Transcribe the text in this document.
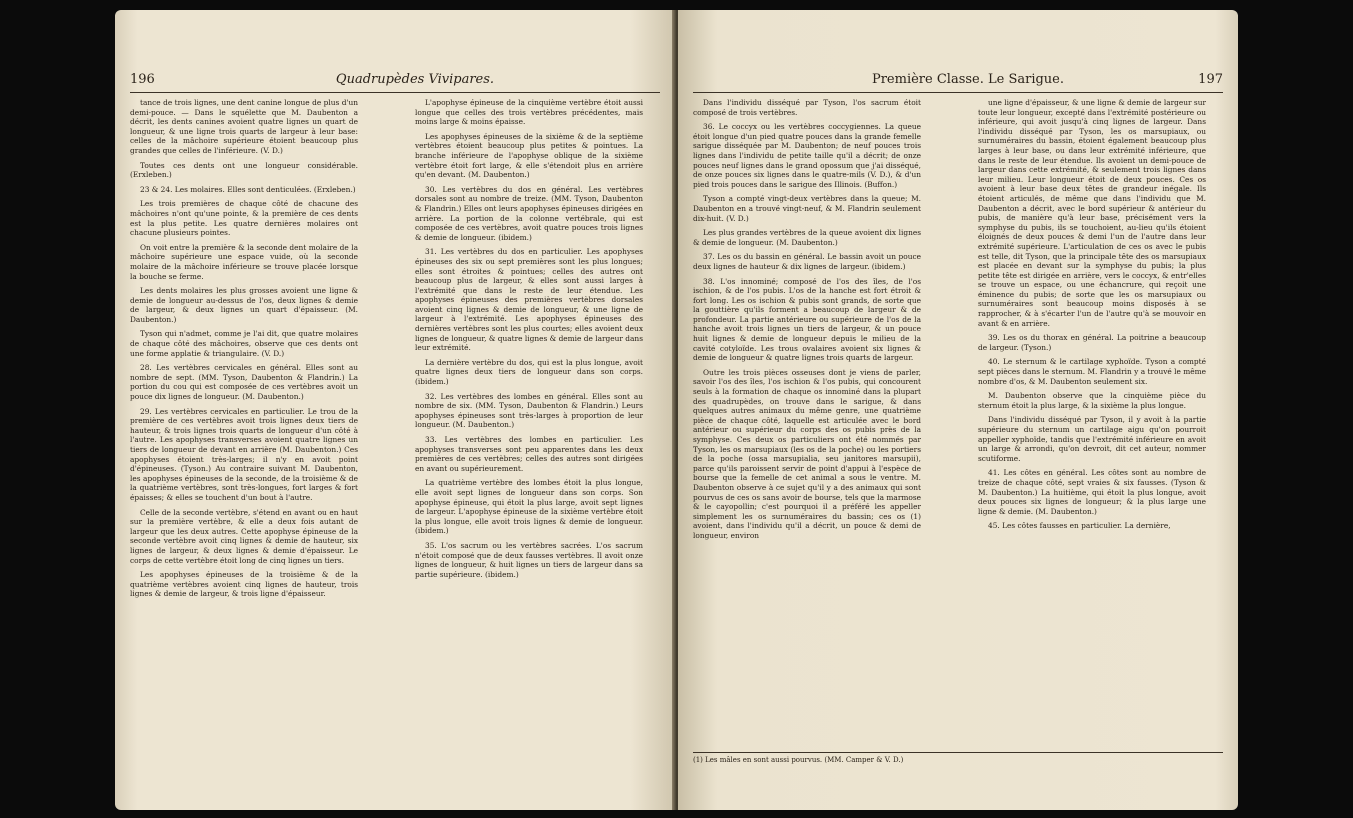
196	Quadrupèdes Vivipares.

tance de trois lignes, une dent canine longue de plus d'un demi-pouce. — Dans le squélette que M. Daubenton a décrit, les dents canines avoient quatre lignes un quart de longueur, & une ligne trois quarts de largeur à leur base: celles de la mâchoire supérieure étoient beaucoup plus grandes que celles de l'inférieure. (V. D.)

Toutes ces dents ont une longueur considérable. (Erxleben.)

23 & 24. Les molaires. Elles sont denticulées. (Erxleben.)

Les trois premières de chaque côté de chacune des mâchoires n'ont qu'une pointe, & la première de ces dents est la plus petite. Les quatre dernières molaires ont chacune plusieurs pointes.

On voit entre la première & la seconde dent molaire de la mâchoire supérieure une espace vuide, où la seconde molaire de la mâchoire inférieure se trouve placée lorsque la bouche se ferme.

Les dents molaires les plus grosses avoient une ligne & demie de longueur au-dessus de l'os, deux lignes & demie de largeur, & deux lignes un quart d'épaisseur. (M. Daubenton.)

Tyson qui n'admet, comme je l'ai dit, que quatre molaires de chaque côté des mâchoires, observe que ces dents ont une forme applatie & triangulaire. (V. D.)

28. Les vertèbres cervicales en général. Elles sont au nombre de sept. (MM. Tyson, Daubenton & Flandrin.) La portion du cou qui est composée de ces vertèbres avoit un pouce dix lignes de longueur. (M. Daubenton.)

29. Les vertèbres cervicales en particulier. Le trou de la première de ces vertèbres avoit trois lignes deux tiers de hauteur, & trois lignes trois quarts de longueur d'un côté à l'autre. Les apophyses transverses avoient quatre lignes un tiers de longueur de devant en arrière (M. Daubenton.) Ces apophyses étoient très-larges; il n'y en avoit point d'épineuses. (Tyson.) Au contraire suivant M. Daubenton, les apophyses épineuses de la seconde, de la troisième & de la quatrième vertèbres, sont très-longues, fort larges & fort épaisses; & elles se touchent d'un bout à l'autre.

Celle de la seconde vertèbre, s'étend en avant ou en haut sur la première vertèbre, & elle a deux fois autant de largeur que les deux autres. Cette apophyse épineuse de la seconde vertèbre avoit cinq lignes & demie de hauteur, six lignes de largeur, & deux lignes & demie d'épaisseur. Le corps de cette vertèbre étoit long de cinq lignes un tiers.

Les apophyses épineuses de la troisième & de la quatrième vertèbres avoient cinq lignes de hauteur, trois lignes & demie de largeur, & trois ligne d'épaisseur.

L'apophyse épineuse de la cinquième vertèbre étoit aussi longue que celles des trois vertèbres précédentes, mais moins large & moins épaisse.

Les apophyses épineuses de la sixième & de la septième vertèbres étoient beaucoup plus petites & pointues. La branche inférieure de l'apophyse oblique de la sixième vertèbre étoit fort large, & elle s'étendoit plus en arrière qu'en devant. (M. Daubenton.)

30. Les vertèbres du dos en général. Les vertèbres dorsales sont au nombre de treize. (MM. Tyson, Daubenton & Flandrin.) Elles ont leurs apophyses épineuses dirigées en arrière. La portion de la colonne vertébrale, qui est composée de ces vertèbres, avoit quatre pouces trois lignes & demie de longueur. (ibidem.)

31. Les vertèbres du dos en particulier. Les apophyses épineuses des six ou sept premières sont les plus longues; elles sont étroites & pointues; celles des autres ont beaucoup plus de largeur, & elles sont aussi larges à l'extrémité que dans le reste de leur étendue. Les apophyses épineuses des premières vertèbres dorsales avoient cinq lignes & demie de longueur, & une ligne de largeur à l'extrémité. Les apophyses épineuses des dernières vertèbres sont les plus courtes; elles avoient deux lignes de longueur, & quatre lignes & demie de largeur dans leur extrémité.

La dernière vertèbre du dos, qui est la plus longue, avoit quatre lignes deux tiers de longueur dans son corps. (ibidem.)

32. Les vertèbres des lombes en général. Elles sont au nombre de six. (MM. Tyson, Daubenton & Flandrin.) Leurs apophyses épineuses sont très-larges à proportion de leur longueur. (M. Daubenton.)

33. Les vertèbres des lombes en particulier. Les apophyses transverses sont peu apparentes dans les deux premières de ces vertèbres; celles des autres sont dirigées en avant ou supérieurement.

La quatrième vertèbre des lombes étoit la plus longue, elle avoit sept lignes de longueur dans son corps. Son apophyse épineuse, qui étoit la plus large, avoit sept lignes de largeur. L'apophyse épineuse de la sixième vertèbre étoit la plus longue, elle avoit trois lignes & demie de longueur. (ibidem.)

35. L'os sacrum ou les vertèbres sacrées. L'os sacrum n'étoit composé que de deux fausses vertèbres. Il avoit onze lignes de longueur, & huit lignes un tiers de largeur dans sa partie supérieure. (ibidem.)

Première Classe. Le Sarigue.	197

Dans l'individu disséqué par Tyson, l'os sacrum étoit composé de trois vertèbres.

36. Le coccyx ou les vertèbres coccygiennes. La queue étoit longue d'un pied quatre pouces dans la grande femelle sarigue disséquée par M. Daubenton; de neuf pouces trois lignes dans l'individu de petite taille qu'il a décrit; de onze pouces neuf lignes dans le grand opossum que j'ai disséqué, de onze pouces six lignes dans le quatre-mils (V. D.), & d'un pied trois pouces dans le sarigue des Illinois. (Buffon.)

Tyson a compté vingt-deux vertèbres dans la queue; M. Daubenton en a trouvé vingt-neuf, & M. Flandrin seulement dix-huit. (V. D.)

Les plus grandes vertèbres de la queue avoient dix lignes & demie de longueur. (M. Daubenton.)

37. Les os du bassin en général. Le bassin avoit un pouce deux lignes de hauteur & dix lignes de largeur. (ibidem.)

38. L'os innominé; composé de l'os des îles, de l'os ischion, & de l'os pubis. L'os de la hanche est fort étroit & fort long. Les os ischion & pubis sont grands, de sorte que la gouttière qu'ils forment a beaucoup de largeur & de profondeur. La partie antérieure ou supérieure de l'os de la hanche avoit trois lignes un tiers de largeur, & un pouce huit lignes & demie de longueur depuis le milieu de la cavité cotyloïde. Les trous ovalaires avoient six lignes & demie de longueur & quatre lignes trois quarts de largeur.

Outre les trois pièces osseuses dont je viens de parler, savoir l'os des îles, l'os ischion & l'os pubis, qui concourent seuls à la formation de chaque os innominé dans la plupart des quadrupèdes, on trouve dans le sarigue, & dans quelques autres animaux du même genre, une quatrième pièce de chaque côté, laquelle est articulée avec le bord antérieur ou supérieur du corps des os pubis près de la symphyse. Ces deux os particuliers ont été nommés par Tyson, les os marsupiaux (les os de la poche) ou les portiers de la poche (ossa marsupialia, seu janitores marsupii), parce qu'ils paroissent servir de point d'appui à l'espèce de bourse que la femelle de cet animal a sous le ventre. M. Daubenton observe à ce sujet qu'il y a des animaux qui sont pourvus de ces os sans avoir de bourse, tels que la marmose & le cayopollin; c'est pourquoi il a préféré les appeller simplement les os surnuméraires du bassin; ces os (1) avoient, dans l'individu qu'il a décrit, un pouce & demi de longueur, environ

une ligne d'épaisseur, & une ligne & demie de largeur sur toute leur longueur, excepté dans l'extrémité postérieure ou inférieure, qui avoit jusqu'à cinq lignes de largeur. Dans l'individu disséqué par Tyson, les os marsupiaux, ou surnuméraires du bassin, étoient également beaucoup plus larges à leur base, ou dans leur extrémité inférieure, que dans le reste de leur étendue. Ils avoient un demi-pouce de largeur dans cette extrémité, & seulement trois lignes dans leur milieu. Leur longueur étoit de deux pouces. Ces os avoient à leur base deux têtes de grandeur inégale. Ils étoient articulés, de même que dans l'individu que M. Daubenton a décrit, avec le bord supérieur & antérieur du pubis, de manière qu'à leur base, précisément vers la symphyse du pubis, ils se touchoient, au-lieu qu'ils étoient éloignés de deux pouces & demi l'un de l'autre dans leur extrémité supérieure. L'articulation de ces os avec le pubis est telle, dit Tyson, que la principale tête des os marsupiaux est placée en devant sur la symphyse du pubis; la plus petite tête est dirigée en arrière, vers le coccyx, & entr'elles se trouve un espace, ou une échancrure, qui reçoit une éminence du pubis; de sorte que les os marsupiaux ou surnuméraires sont beaucoup moins disposés à se rapprocher, & à s'écarter l'un de l'autre qu'à se mouvoir en avant & en arrière.

39. Les os du thorax en général. La poitrine a beaucoup de largeur. (Tyson.)

40. Le sternum & le cartilage xyphoïde. Tyson a compté sept pièces dans le sternum. M. Flandrin y a trouvé le même nombre d'os, & M. Daubenton seulement six.

M. Daubenton observe que la cinquième pièce du sternum étoit la plus large, & la sixième la plus longue.

Dans l'individu disséqué par Tyson, il y avoit à la partie supérieure du sternum un cartilage aigu qu'on pourroit appeller xyphoïde, tandis que l'extrémité inférieure en avoit un large & arrondi, qu'on devroit, dit cet auteur, nommer scutiforme.

41. Les côtes en général. Les côtes sont au nombre de treize de chaque côté, sept vraies & six fausses. (Tyson & M. Daubenton.) La huitième, qui étoit la plus longue, avoit deux pouces six lignes de longueur; & la plus large une ligne & demie. (M. Daubenton.)

45. Les côtes fausses en particulier. La dernière,

(1) Les mâles en sont aussi pourvus. (MM. Camper & V. D.)
